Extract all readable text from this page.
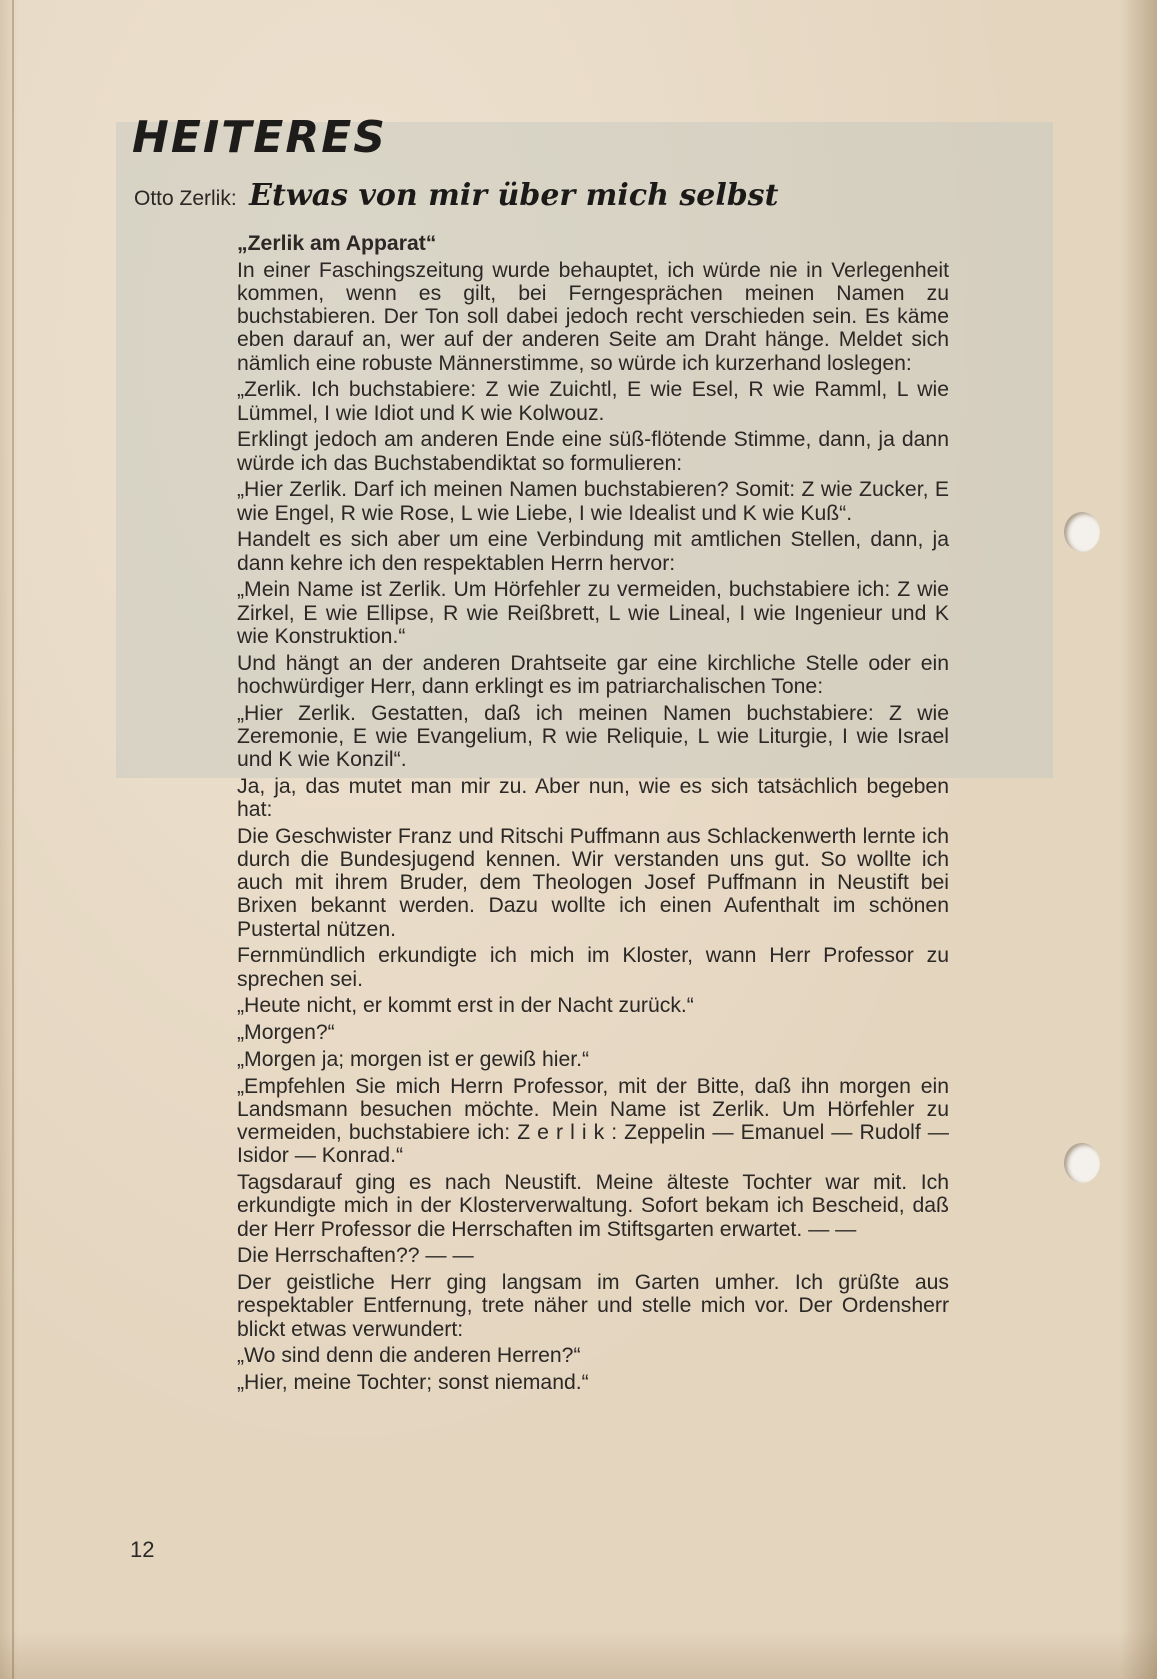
HEITERES
Otto Zerlik: Etwas von mir über mich selbst

„Zerlik am Apparat“

In einer Faschingszeitung wurde behauptet, ich würde nie in Verlegenheit kommen, wenn es gilt, bei Ferngesprächen meinen Namen zu buchstabieren. Der Ton soll dabei jedoch recht verschieden sein. Es käme eben darauf an, wer auf der anderen Seite am Draht hänge. Meldet sich nämlich eine robuste Männerstimme, so würde ich kurzerhand loslegen:

„Zerlik. Ich buchstabiere: Z wie Zuichtl, E wie Esel, R wie Ramml, L wie Lümmel, I wie Idiot und K wie Kolwouz.

Erklingt jedoch am anderen Ende eine süß-flötende Stimme, dann, ja dann würde ich das Buchstabendiktat so formulieren:

„Hier Zerlik. Darf ich meinen Namen buchstabieren? Somit: Z wie Zucker, E wie Engel, R wie Rose, L wie Liebe, I wie Idealist und K wie Kuß“.

Handelt es sich aber um eine Verbindung mit amtlichen Stellen, dann, ja dann kehre ich den respektablen Herrn hervor:

„Mein Name ist Zerlik. Um Hörfehler zu vermeiden, buchstabiere ich: Z wie Zirkel, E wie Ellipse, R wie Reißbrett, L wie Lineal, I wie Ingenieur und K wie Konstruktion.“

Und hängt an der anderen Drahtseite gar eine kirchliche Stelle oder ein hochwürdiger Herr, dann erklingt es im patriarchalischen Tone:

„Hier Zerlik. Gestatten, daß ich meinen Namen buchstabiere: Z wie Zeremonie, E wie Evangelium, R wie Reliquie, L wie Liturgie, I wie Israel und K wie Konzil“.

Ja, ja, das mutet man mir zu. Aber nun, wie es sich tatsächlich begeben hat:

Die Geschwister Franz und Ritschi Puffmann aus Schlackenwerth lernte ich durch die Bundesjugend kennen. Wir verstanden uns gut. So wollte ich auch mit ihrem Bruder, dem Theologen Josef Puffmann in Neustift bei Brixen bekannt werden. Dazu wollte ich einen Aufenthalt im schönen Pustertal nützen.

Fernmündlich erkundigte ich mich im Kloster, wann Herr Professor zu sprechen sei.

„Heute nicht, er kommt erst in der Nacht zurück.“

„Morgen?“

„Morgen ja; morgen ist er gewiß hier.“

„Empfehlen Sie mich Herrn Professor, mit der Bitte, daß ihn morgen ein Landsmann besuchen möchte. Mein Name ist Zerlik. Um Hörfehler zu vermeiden, buchstabiere ich: Z e r l i k : Zeppelin — Emanuel — Rudolf — Isidor — Konrad.“

Tagsdarauf ging es nach Neustift. Meine älteste Tochter war mit. Ich erkundigte mich in der Klosterverwaltung. Sofort bekam ich Bescheid, daß der Herr Professor die Herrschaften im Stiftsgarten erwartet. — —

Die Herrschaften?? — —

Der geistliche Herr ging langsam im Garten umher. Ich grüßte aus respektabler Entfernung, trete näher und stelle mich vor. Der Ordensherr blickt etwas verwundert:

„Wo sind denn die anderen Herren?“

„Hier, meine Tochter; sonst niemand.“

12
